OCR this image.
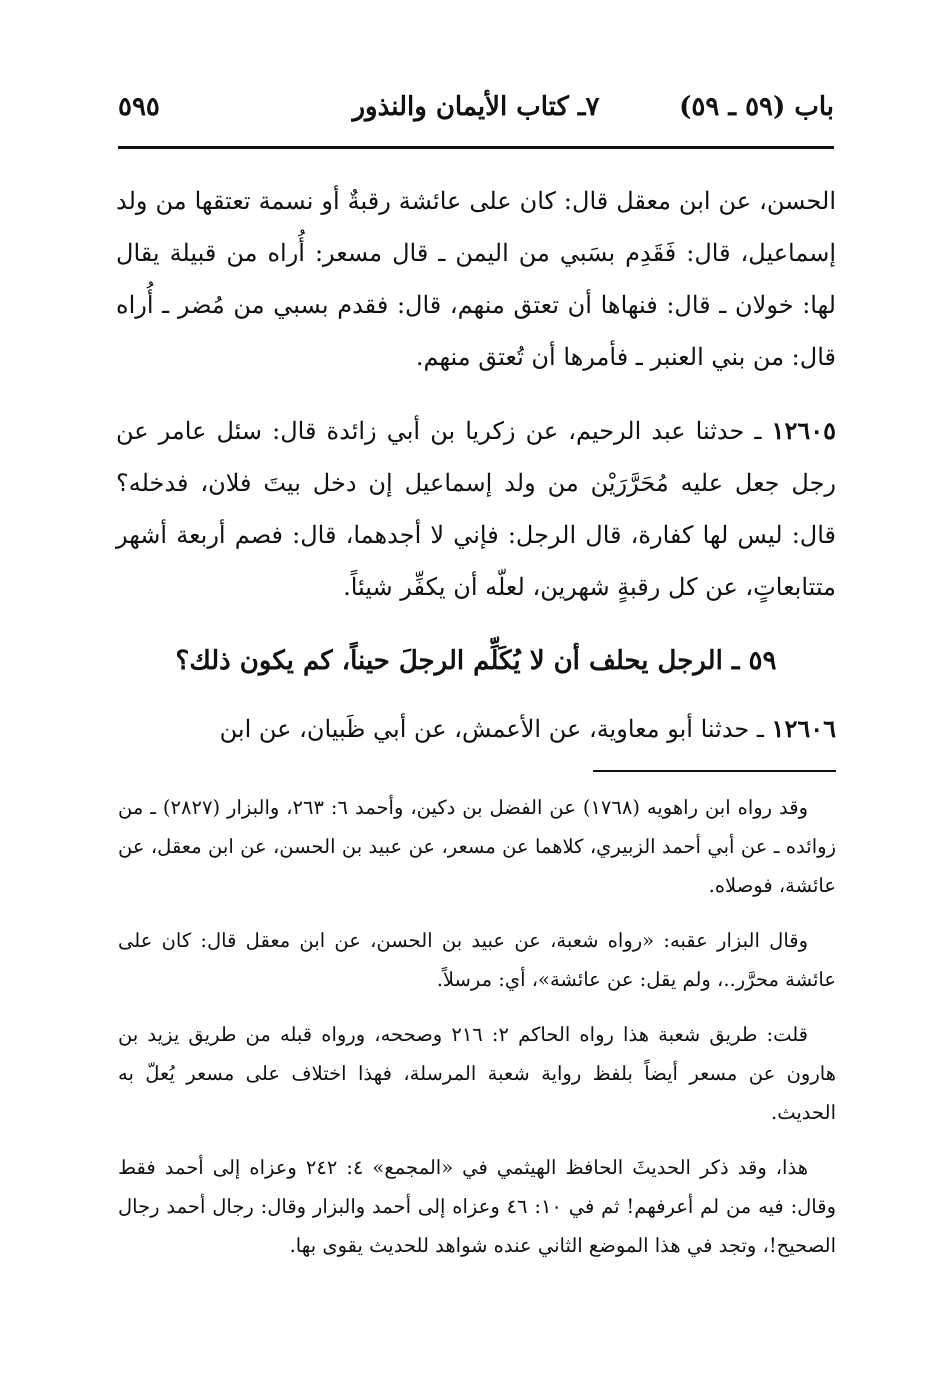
٥٩٥	٧ـ كتاب الأيمان والنذور	باب (٥٩ ـ ٥٩)

الحسن، عن ابن معقل قال: كان على عائشة رقبةٌ أو نسمة تعتقها من ولد إسماعيل، قال: فَقَدِم بسَبي من اليمن ـ قال مسعر: أُراه من قبيلة يقال لها: خولان ـ قال: فنهاها أن تعتق منهم، قال: فقدم بسبي من مُضر ـ أُراه قال: من بني العنبر ـ فأمرها أن تُعتق منهم.

١٢٦٠٥ ـ حدثنا عبد الرحيم، عن زكريا بن أبي زائدة قال: سئل عامر عن رجل جعل عليه مُحَرَّرَيْن من ولد إسماعيل إن دخل بيتَ فلان، فدخله؟ قال: ليس لها كفارة، قال الرجل: فإني لا أجدهما، قال: فصم أربعة أشهر متتابعاتٍ، عن كل رقبةٍ شهرين، لعلّه أن يكفِّر شيئاً.

٥٩ ـ الرجل يحلف أن لا يُكَلِّم الرجلَ حيناً، كم يكون ذلك؟

١٢٦٠٦ ـ حدثنا أبو معاوية، عن الأعمش، عن أبي ظَبيان، عن ابن

وقد رواه ابن راهويه (١٧٦٨) عن الفضل بن دكين، وأحمد ٦: ٢٦٣، والبزار (٢٨٢٧) ـ من زوائده ـ عن أبي أحمد الزبيري، كلاهما عن مسعر، عن عبيد بن الحسن، عن ابن معقل، عن عائشة، فوصلاه.

وقال البزار عقبه: «رواه شعبة، عن عبيد بن الحسن، عن ابن معقل قال: كان على عائشة محرَّر..، ولم يقل: عن عائشة»، أي: مرسلاً.

قلت: طريق شعبة هذا رواه الحاكم ٢: ٢١٦ وصححه، ورواه قبله من طريق يزيد بن هارون عن مسعر أيضاً بلفظ رواية شعبة المرسلة، فهذا اختلاف على مسعر يُعلّ به الحديث.

هذا، وقد ذكر الحديثَ الحافظ الهيثمي في «المجمع» ٤: ٢٤٢ وعزاه إلى أحمد فقط وقال: فيه من لم أعرفهم! ثم في ١٠: ٤٦ وعزاه إلى أحمد والبزار وقال: رجال أحمد رجال الصحيح!، وتجد في هذا الموضع الثاني عنده شواهد للحديث يقوى بها.
